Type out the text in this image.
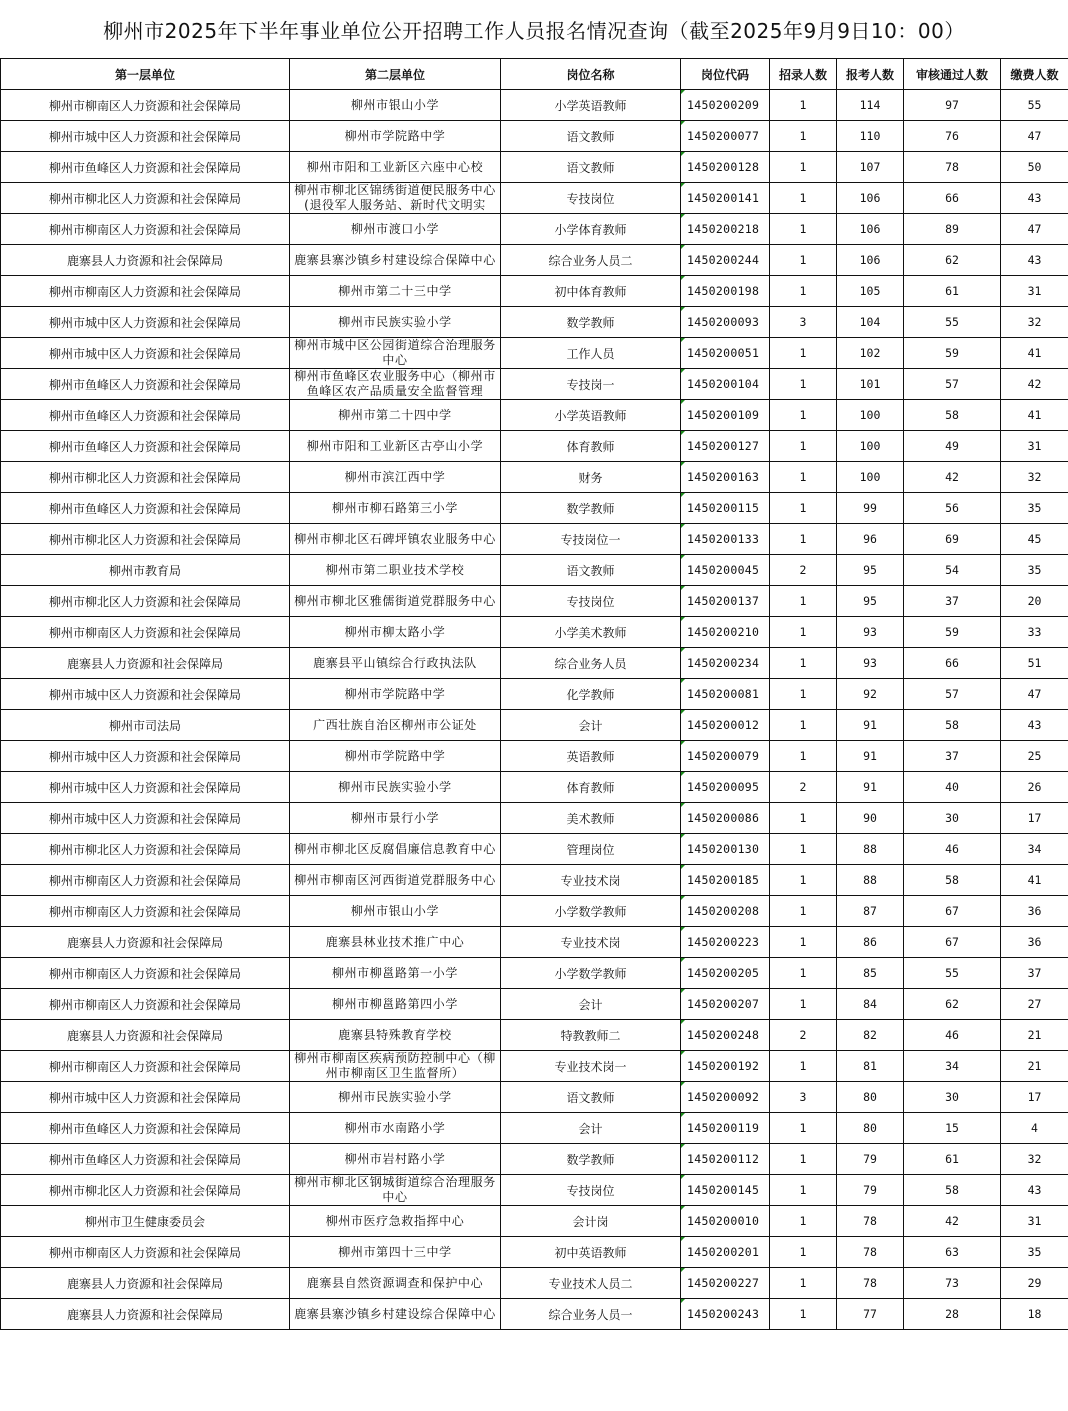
柳州市2025年下半年事业单位公开招聘工作人员报名情况查询（截至2025年9月9日10：00）
第一层单位	第二层单位	岗位名称	岗位代码	招录人数	报考人数	审核通过人数	缴费人数
柳州市柳南区人力资源和社会保障局	柳州市银山小学	小学英语教师	1450200209	1	114	97	55
柳州市城中区人力资源和社会保障局	柳州市学院路中学	语文教师	1450200077	1	110	76	47
柳州市鱼峰区人力资源和社会保障局	柳州市阳和工业新区六座中心校	语文教师	1450200128	1	107	78	50
柳州市柳北区人力资源和社会保障局	柳州市柳北区锦绣街道便民服务中心(退役军人服务站、新时代文明实	专技岗位	1450200141	1	106	66	43
柳州市柳南区人力资源和社会保障局	柳州市渡口小学	小学体育教师	1450200218	1	106	89	47
鹿寨县人力资源和社会保障局	鹿寨县寨沙镇乡村建设综合保障中心	综合业务人员二	1450200244	1	106	62	43
柳州市柳南区人力资源和社会保障局	柳州市第二十三中学	初中体育教师	1450200198	1	105	61	31
柳州市城中区人力资源和社会保障局	柳州市民族实验小学	数学教师	1450200093	3	104	55	32
柳州市城中区人力资源和社会保障局	柳州市城中区公园街道综合治理服务中心	工作人员	1450200051	1	102	59	41
柳州市鱼峰区人力资源和社会保障局	柳州市鱼峰区农业服务中心（柳州市鱼峰区农产品质量安全监督管理	专技岗一	1450200104	1	101	57	42
柳州市鱼峰区人力资源和社会保障局	柳州市第二十四中学	小学英语教师	1450200109	1	100	58	41
柳州市鱼峰区人力资源和社会保障局	柳州市阳和工业新区古亭山小学	体育教师	1450200127	1	100	49	31
柳州市柳北区人力资源和社会保障局	柳州市滨江西中学	财务	1450200163	1	100	42	32
柳州市鱼峰区人力资源和社会保障局	柳州市柳石路第三小学	数学教师	1450200115	1	99	56	35
柳州市柳北区人力资源和社会保障局	柳州市柳北区石碑坪镇农业服务中心	专技岗位一	1450200133	1	96	69	45
柳州市教育局	柳州市第二职业技术学校	语文教师	1450200045	2	95	54	35
柳州市柳北区人力资源和社会保障局	柳州市柳北区雅儒街道党群服务中心	专技岗位	1450200137	1	95	37	20
柳州市柳南区人力资源和社会保障局	柳州市柳太路小学	小学美术教师	1450200210	1	93	59	33
鹿寨县人力资源和社会保障局	鹿寨县平山镇综合行政执法队	综合业务人员	1450200234	1	93	66	51
柳州市城中区人力资源和社会保障局	柳州市学院路中学	化学教师	1450200081	1	92	57	47
柳州市司法局	广西壮族自治区柳州市公证处	会计	1450200012	1	91	58	43
柳州市城中区人力资源和社会保障局	柳州市学院路中学	英语教师	1450200079	1	91	37	25
柳州市城中区人力资源和社会保障局	柳州市民族实验小学	体育教师	1450200095	2	91	40	26
柳州市城中区人力资源和社会保障局	柳州市景行小学	美术教师	1450200086	1	90	30	17
柳州市柳北区人力资源和社会保障局	柳州市柳北区反腐倡廉信息教育中心	管理岗位	1450200130	1	88	46	34
柳州市柳南区人力资源和社会保障局	柳州市柳南区河西街道党群服务中心	专业技术岗	1450200185	1	88	58	41
柳州市柳南区人力资源和社会保障局	柳州市银山小学	小学数学教师	1450200208	1	87	67	36
鹿寨县人力资源和社会保障局	鹿寨县林业技术推广中心	专业技术岗	1450200223	1	86	67	36
柳州市柳南区人力资源和社会保障局	柳州市柳邕路第一小学	小学数学教师	1450200205	1	85	55	37
柳州市柳南区人力资源和社会保障局	柳州市柳邕路第四小学	会计	1450200207	1	84	62	27
鹿寨县人力资源和社会保障局	鹿寨县特殊教育学校	特教教师二	1450200248	2	82	46	21
柳州市柳南区人力资源和社会保障局	柳州市柳南区疾病预防控制中心（柳州市柳南区卫生监督所）	专业技术岗一	1450200192	1	81	34	21
柳州市城中区人力资源和社会保障局	柳州市民族实验小学	语文教师	1450200092	3	80	30	17
柳州市鱼峰区人力资源和社会保障局	柳州市水南路小学	会计	1450200119	1	80	15	4
柳州市鱼峰区人力资源和社会保障局	柳州市岩村路小学	数学教师	1450200112	1	79	61	32
柳州市柳北区人力资源和社会保障局	柳州市柳北区钢城街道综合治理服务中心	专技岗位	1450200145	1	79	58	43
柳州市卫生健康委员会	柳州市医疗急救指挥中心	会计岗	1450200010	1	78	42	31
柳州市柳南区人力资源和社会保障局	柳州市第四十三中学	初中英语教师	1450200201	1	78	63	35
鹿寨县人力资源和社会保障局	鹿寨县自然资源调查和保护中心	专业技术人员二	1450200227	1	78	73	29
鹿寨县人力资源和社会保障局	鹿寨县寨沙镇乡村建设综合保障中心	综合业务人员一	1450200243	1	77	28	18
